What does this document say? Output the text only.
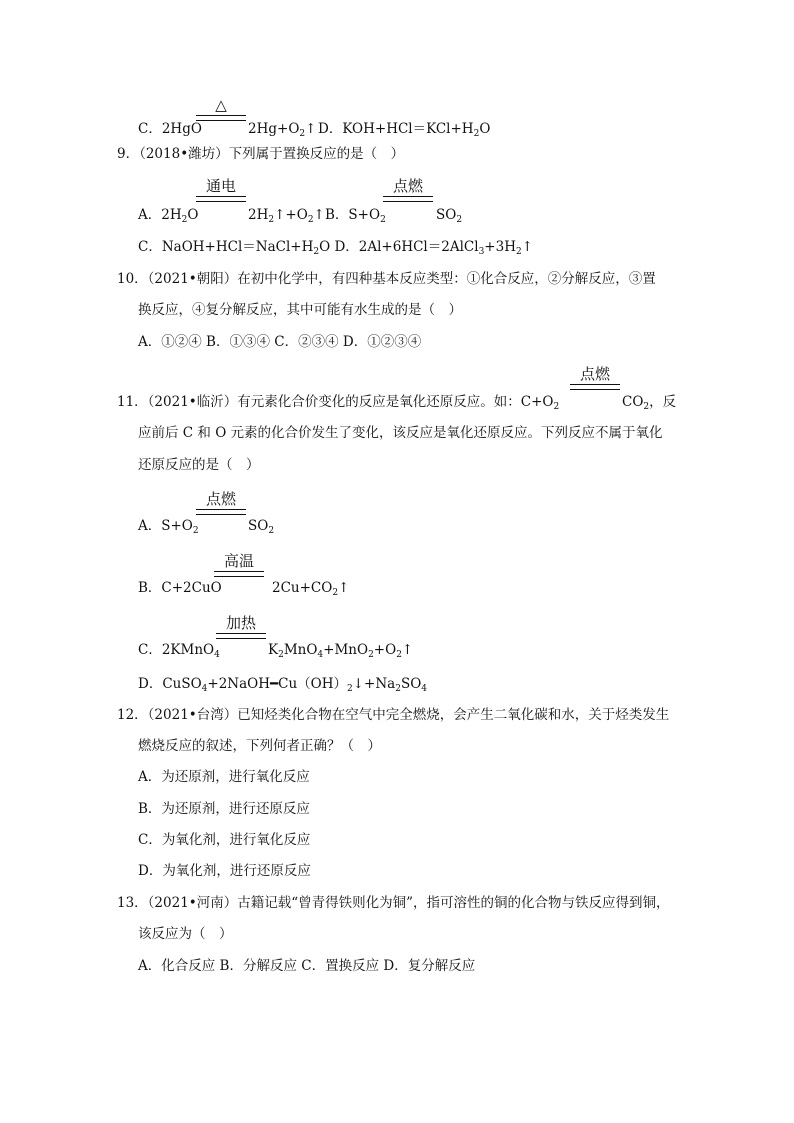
△
C．2HgO	$2Hg+O_2↑$ D．$KOH+HCl=KCl+H_2O$
9．（2018•潍坊）下列属于置换反应的是（　）
通电	点燃
A．$2H_2O$	$2H_2↑+O_2↑$ B．$S+O_2$	$SO_2$
C．$NaOH+HCl=NaCl+H_2O$ D．$2Al+6HCl=2AlCl_3+3H_2↑$
10．（2021•朝阳）在初中化学中，有四种基本反应类型：①化合反应，②分解反应，③置
换反应，④复分解反应，其中可能有水生成的是（　）
A．①②④ B．①③④ C．②③④ D．①②③④
点燃
11．（2021•临沂）有元素化合价变化的反应是氧化还原反应。如：$C+O_2$	$CO_2$，反
应前后 C 和 O 元素的化合价发生了变化，该反应是氧化还原反应。下列反应不属于氧化
还原反应的是（　）
点燃
A．$S+O_2$	$SO_2$
高温
B．C+2CuO	$2Cu+CO_2↑$
加热
C．2KMnO$_4$	$K_2MnO_4+MnO_2+O_2↑$
D．$CuSO_4+2NaOH━Cu(OH)_2↓+Na_2SO_4$
12．（2021•台湾）已知烃类化合物在空气中完全燃烧，会产生二氧化碳和水，关于烃类发生
燃烧反应的叙述，下列何者正确？（　）
A．为还原剂，进行氧化反应
B．为还原剂，进行还原反应
C．为氧化剂，进行氧化反应
D．为氧化剂，进行还原反应
13．（2021•河南）古籍记载“曾青得铁则化为铜”，指可溶性的铜的化合物与铁反应得到铜，
该反应为（　）
A．化合反应 B．分解反应 C．置换反应 D．复分解反应
